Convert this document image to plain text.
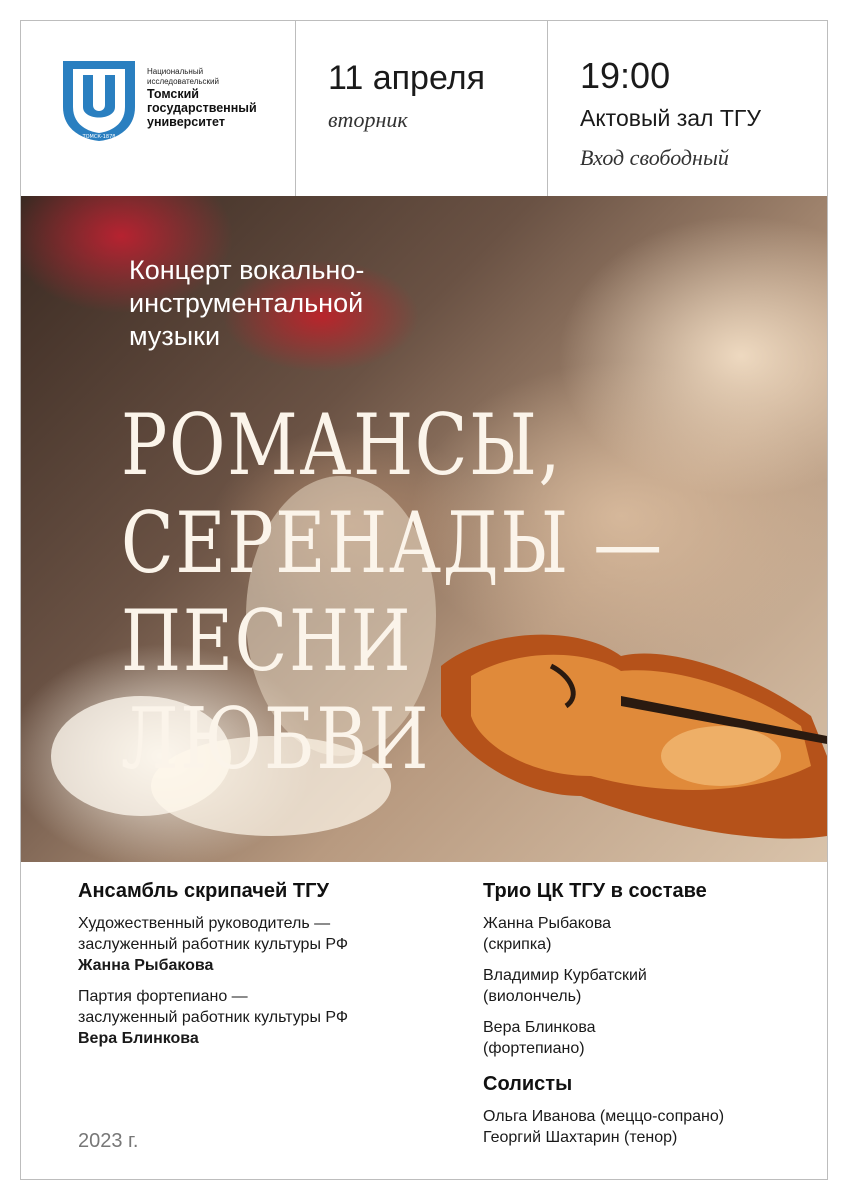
ТОМСК-1878
Национальный
исследовательский
Томский
государственный
университет
11 апреля
вторник
19:00
Актовый зал ТГУ
Вход свободный
Концерт вокально-
инструментальной
музыки
РОМАНСЫ,
СЕРЕНАДЫ —
ПЕСНИ
ЛЮБВИ
Ансамбль скрипачей ТГУ
Художественный руководитель —
заслуженный работник культуры РФ
Жанна Рыбакова
Партия фортепиано —
заслуженный работник культуры РФ
Вера Блинкова
Трио ЦК ТГУ в составе
Жанна Рыбакова
(скрипка)
Владимир Курбатский
(виолончель)
Вера Блинкова
(фортепиано)
Солисты
Ольга Иванова (меццо-сопрано)
Георгий Шахтарин (тенор)
2023 г.
